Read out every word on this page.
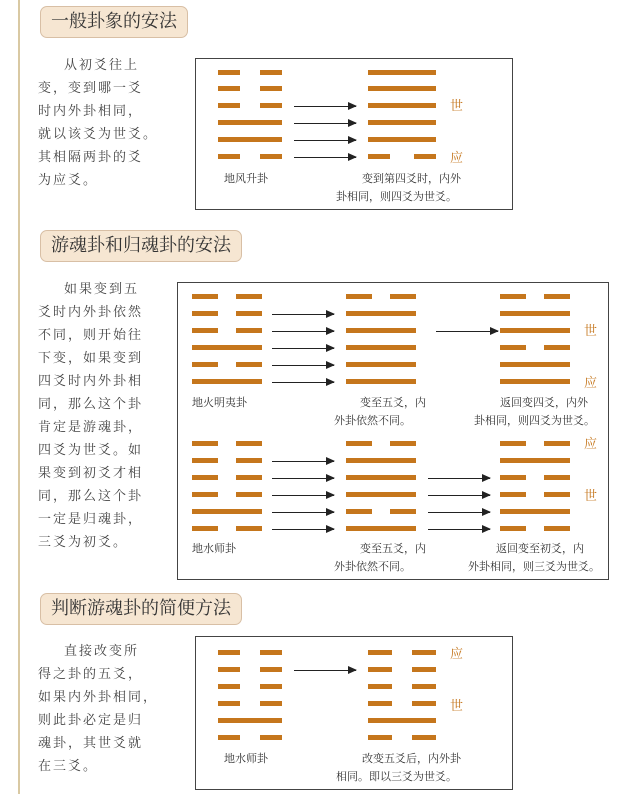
一般卦象的安法
从初爻往上
变，变到哪一爻
时内外卦相同，
就以该爻为世爻。
其相隔两卦的爻
为应爻。
世
应
地风升卦	变到第四爻时，内外
卦相同，则四爻为世爻。
游魂卦和归魂卦的安法
如果变到五
爻时内外卦依然
不同，则开始往
下变，如果变到
四爻时内外卦相
同，那么这个卦
肯定是游魂卦，
四爻为世爻。如
果变到初爻才相
同，那么这个卦
一定是归魂卦，
三爻为初爻。
世
应
地火明夷卦	变至五爻，内
外卦依然不同。
返回变四爻，内外
卦相同，则四爻为世爻。
应
世
地水师卦	变至五爻，内
外卦依然不同。
返回变至初爻，内
外卦相同，则三爻为世爻。
判断游魂卦的简便方法
直接改变所
得之卦的五爻，
如果内外卦相同，
则此卦必定是归
魂卦，其世爻就
在三爻。
应
世
地水师卦	改变五爻后，内外卦
相同。即以三爻为世爻。
